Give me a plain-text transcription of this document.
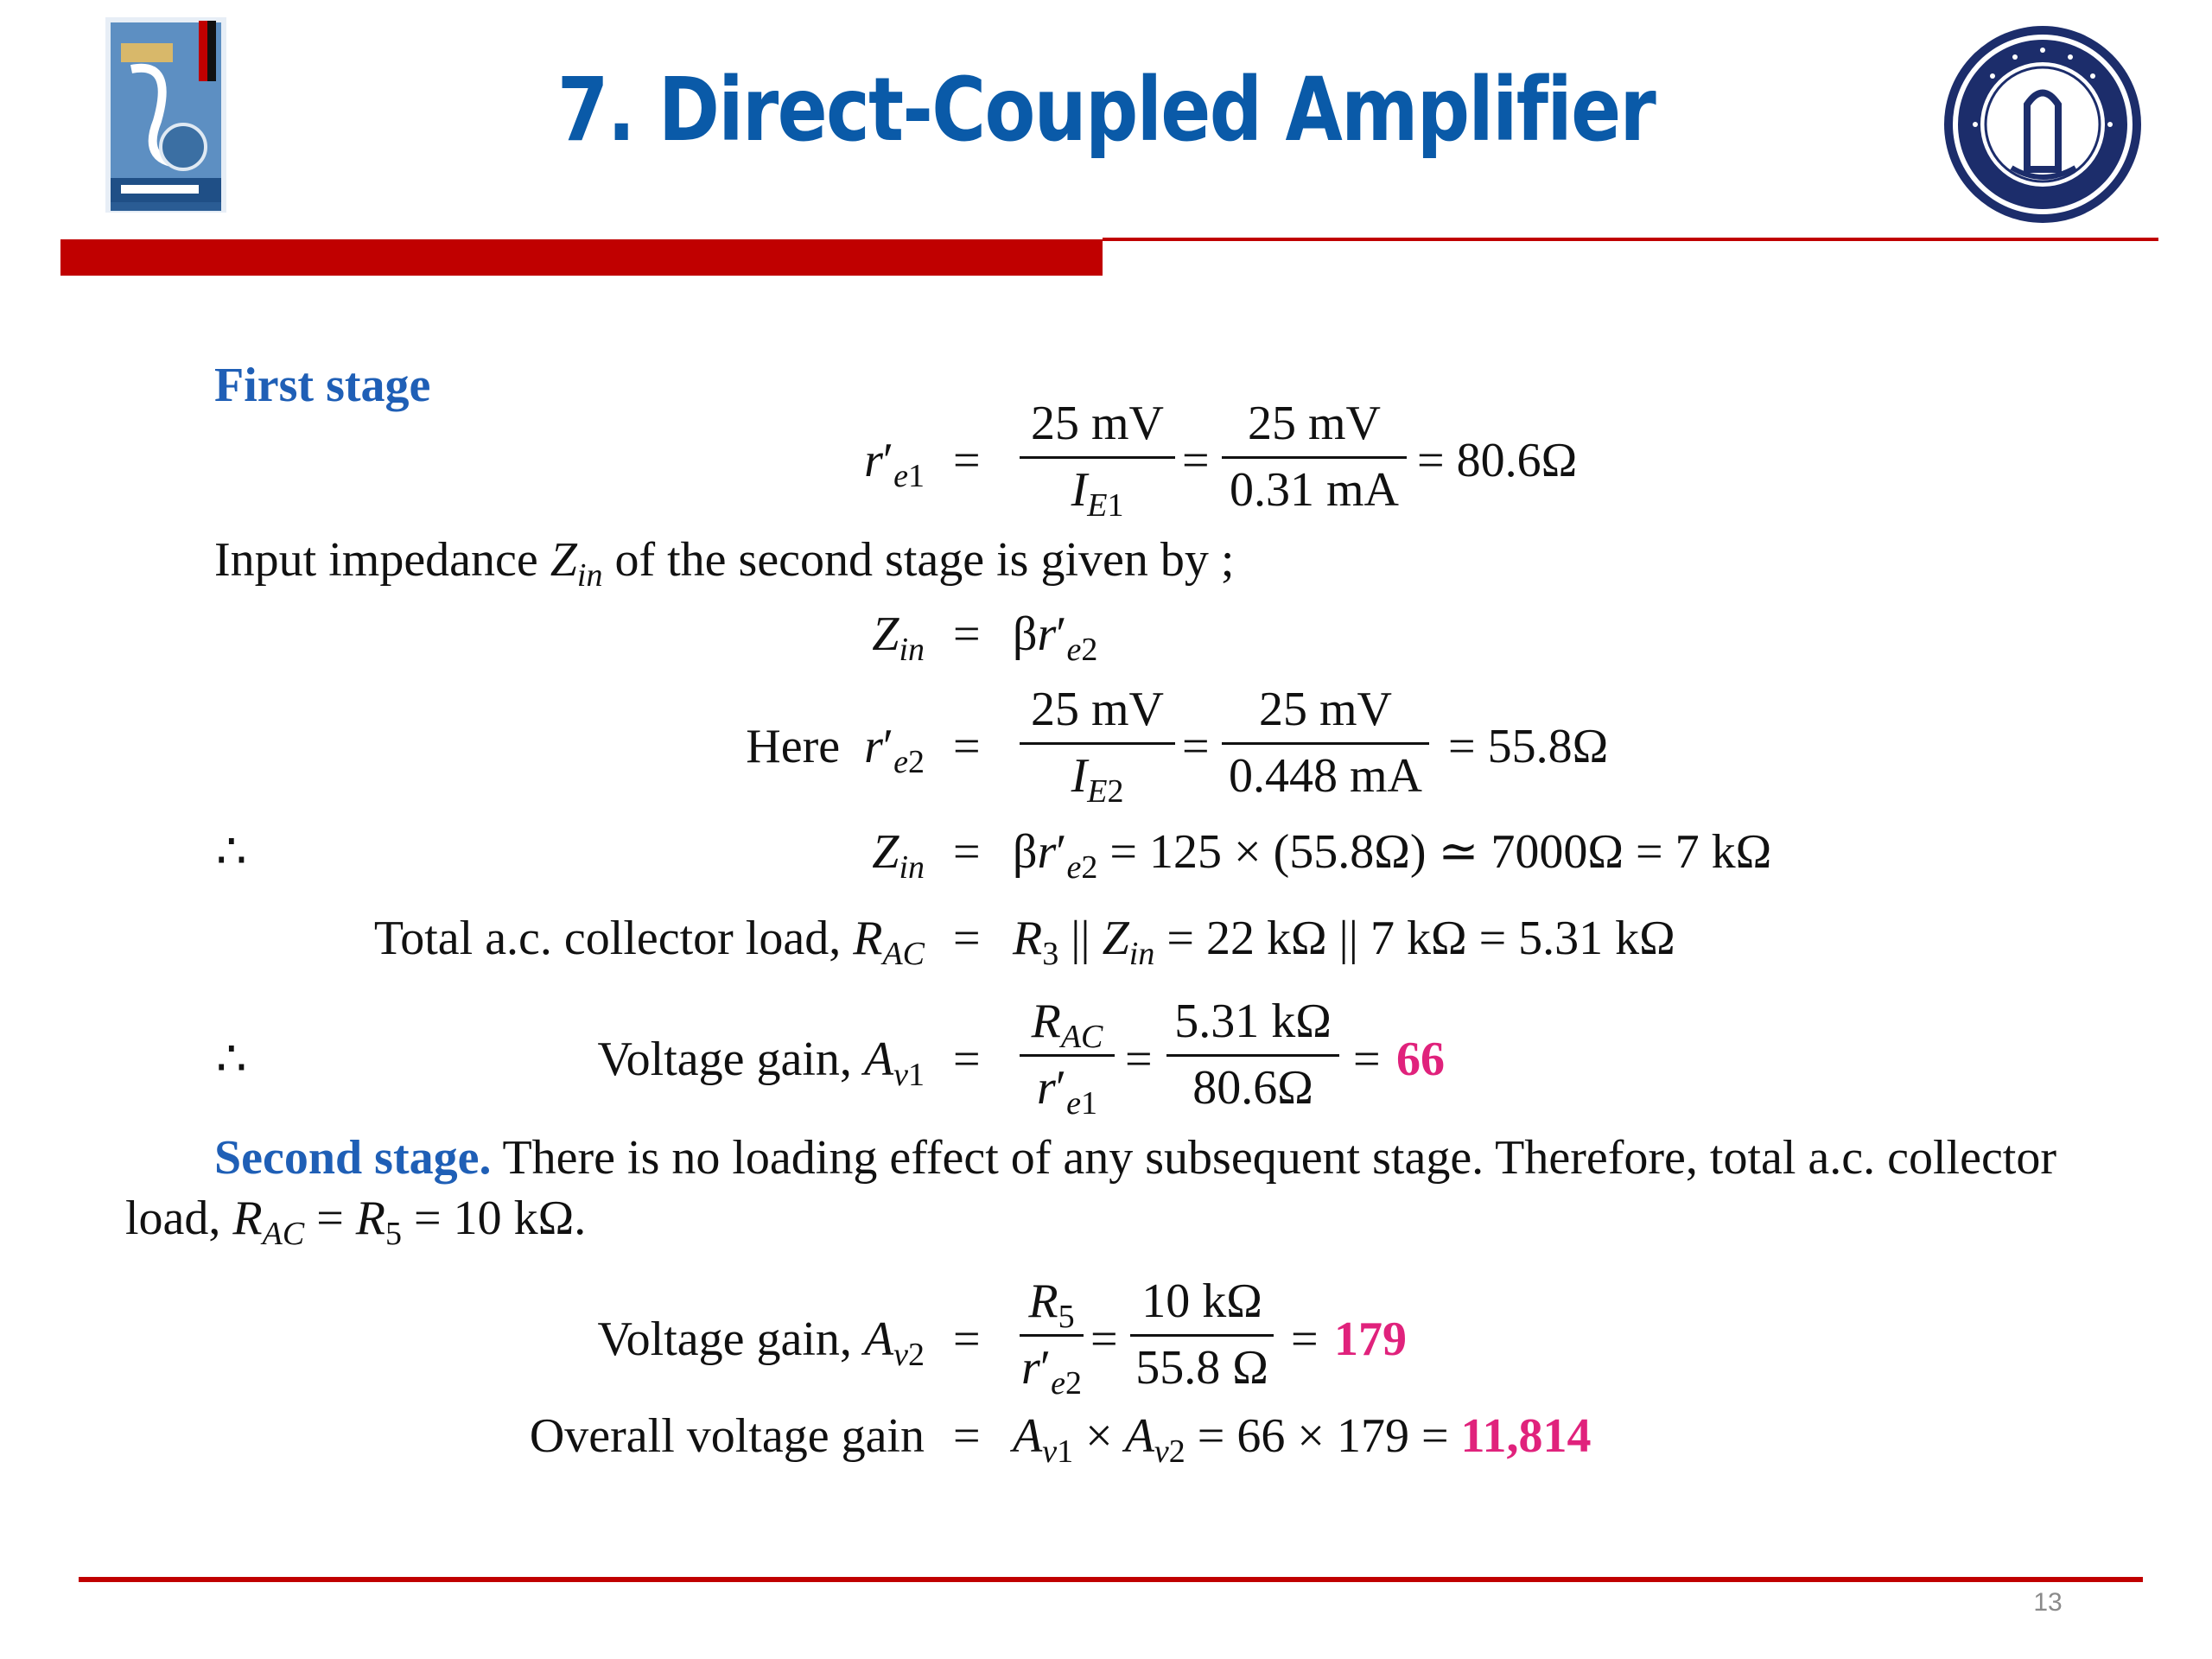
7. Direct-Coupled Amplifier
First stage
$r'_{e1} = \frac{25 mV}{I_{E1}} = \frac{25 mV}{0.31 mA} = 80.6\Omega$
Input impedance $Z_{in}$ of the second stage is given by ;
$Z_{in} = \beta r'_{e2}$
Here $r'_{e2} = \frac{25 mV}{I_{E2}} = \frac{25 mV}{0.448 mA} = 55.8\Omega$
∴	$Z_{in} = \beta r'_{e2} = 125 \times (55.8\Omega)$ ≃ 7000Ω = 7 kΩ
Total a.c. collector load, $R_{AC} = R_3$ || $Z_{in} = 22$ kΩ || 7 kΩ = 5.31 kΩ
∴	Voltage gain, $A_{v1}$ =
$R_{AC}$
$r'_{e1}$
= $\frac{5.31 k\Omega}{80.6\Omega} = 66$
Second stage. There is no loading effect of any subsequent stage. Therefore, total a.c. collector
load, $R_{AC} = R_5 = 10$ kΩ.
Voltage gain, $A_{v2} = \frac{R_5}{r'_{e2}} = \frac{10 k\Omega}{55.8 \Omega} = 179$
Overall voltage gain = $A_{v1} \times A_{v2} = 66 \times 179 = 11,814$
13
